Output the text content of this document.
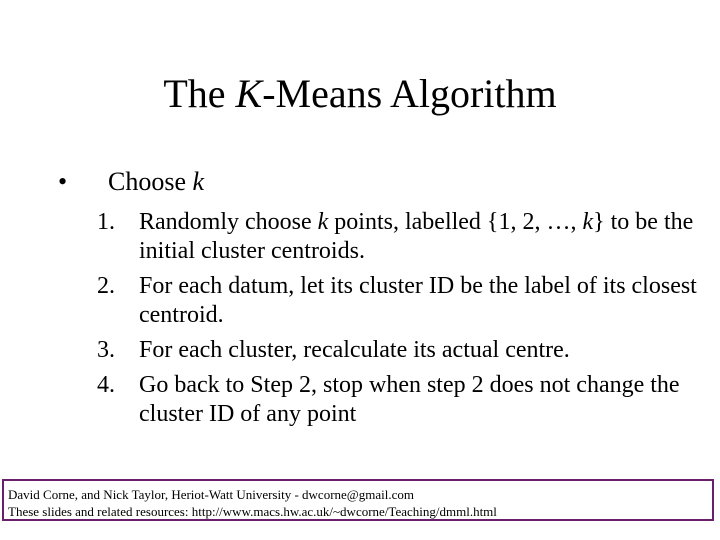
The K-Means Algorithm
• Choose k
1. Randomly choose k points, labelled {1, 2, …, k} to be the initial cluster centroids.
2. For each datum, let its cluster ID be the label of its closest centroid.
3. For each cluster, recalculate its actual centre.
4. Go back to Step 2, stop when step 2 does not change the cluster ID of any point
David Corne, and Nick Taylor, Heriot-Watt University - dwcorne@gmail.com
These slides and related resources: http://www.macs.hw.ac.uk/~dwcorne/Teaching/dmml.html
